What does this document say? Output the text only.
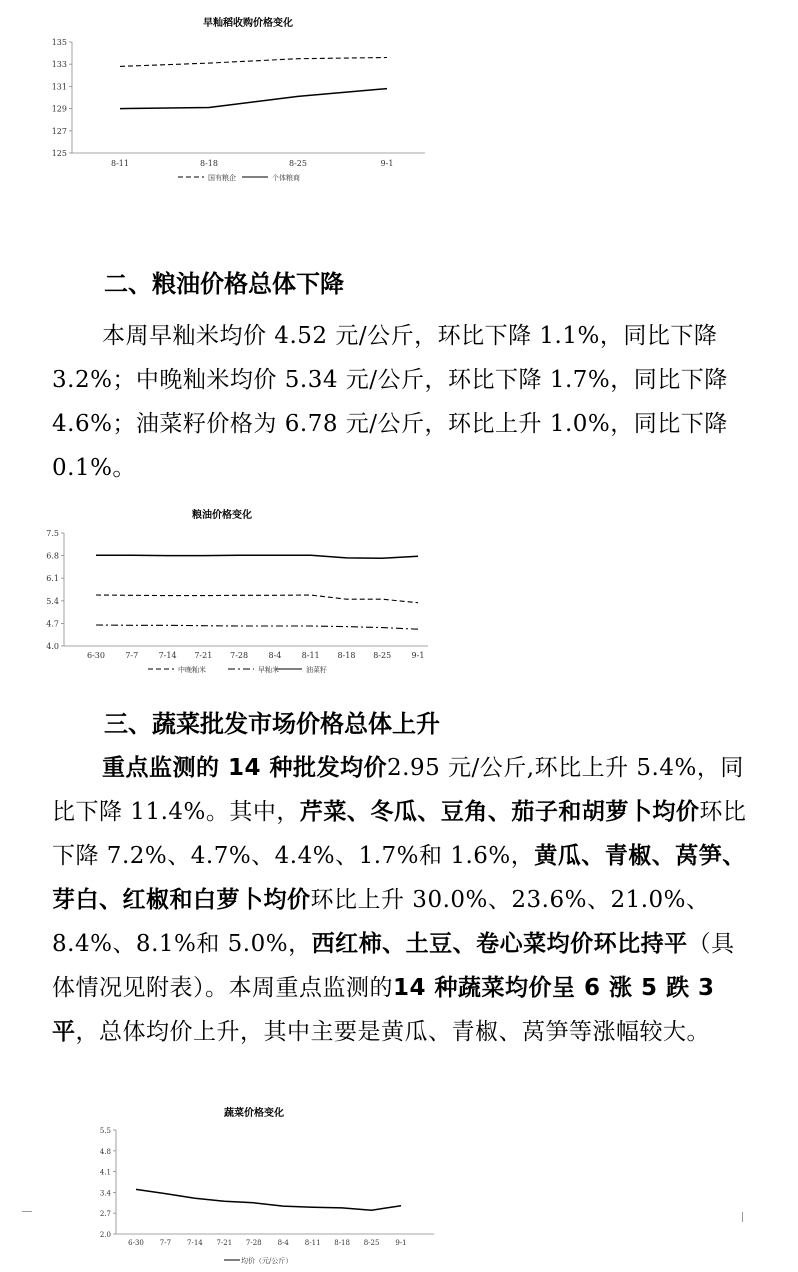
早籼稻收购价格变化
135
133
131
129
127
125
8-11	8-18	8-25	9-1
国有粮企	个体粮商
二、粮油价格总体下降

本周早籼米均价 4.52 元/公斤，环比下降 1.1%，同比下降 3.2%；中晚籼米均价 5.34 元/公斤，环比下降 1.7%，同比下降 4.6%；油菜籽价格为 6.78 元/公斤，环比上升 1.0%，同比下降 0.1%。

粮油价格变化
7.5
6.8
6.1
5.4
4.7
4.0
6-30	7-7	7-14 7-21 7-28	8-4	8-11 8-18 8-25	9-1
中晚籼米	早籼米	油菜籽
三、蔬菜批发市场价格总体上升

重点监测的 14 种批发均价2.95 元/公斤,环比上升 5.4%，同比下降 11.4%。其中，芹菜、冬瓜、豆角、茄子和胡萝卜均价环比下降 7.2%、4.7%、4.4%、1.7%和 1.6%，黄瓜、青椒、莴笋、芽白、红椒和白萝卜均价环比上升 30.0%、23.6%、21.0%、8.4%、8.1%和 5.0%，西红柿、土豆、卷心菜均价环比持平（具体情况见附表）。本周重点监测的14 种蔬菜均价呈 6 涨 5 跌 3 平，总体均价上升，其中主要是黄瓜、青椒、莴笋等涨幅较大。

蔬菜价格变化
5.5
4.8
4.1
3.4
2.7
2.0
6-30 7-7 7-14 7-21 7-28 8-4 8-11 8-18 8-25 9-1
均价（元/公斤）
